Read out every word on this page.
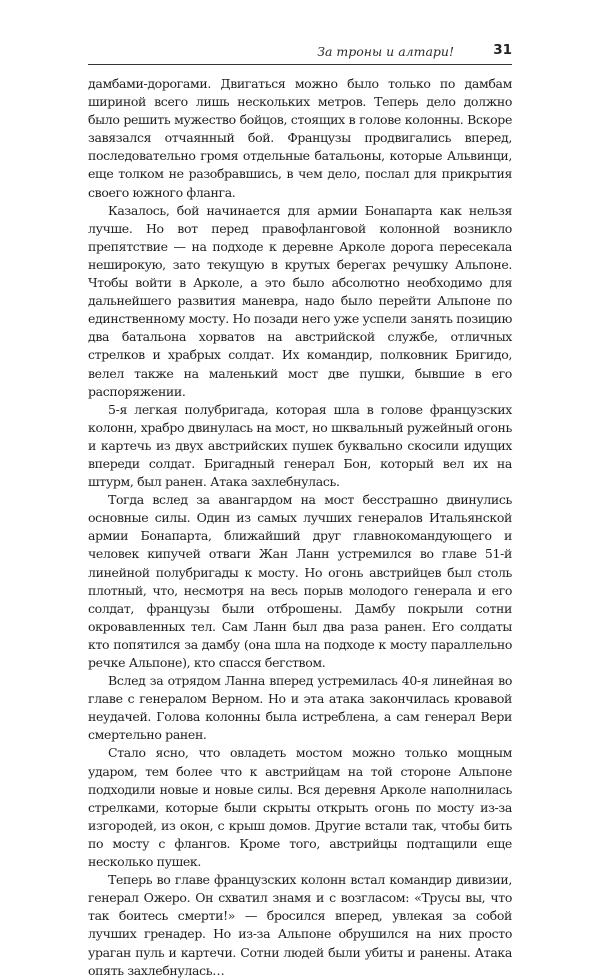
За троны и алтари!	31

дамбами-дорогами. Двигаться можно было только по дамбам шириной всего лишь нескольких метров. Теперь дело должно было решить мужество бойцов, стоящих в голове колонны. Вскоре завязался отчаянный бой. Французы продвигались вперед, последовательно громя отдельные батальоны, которые Альвинци, еще толком не разобравшись, в чем дело, послал для прикрытия своего южного фланга.

Казалось, бой начинается для армии Бонапарта как нельзя лучше. Но вот перед правофланговой колонной возникло препятствие — на подходе к деревне Арколе дорога пересекала неширокую, зато текущую в крутых берегах речушку Альпоне. Чтобы войти в Арколе, а это было абсолютно необходимо для дальнейшего развития маневра, надо было перейти Альпоне по единственному мосту. Но позади него уже успели занять позицию два батальона хорватов на австрийской службе, отличных стрелков и храбрых солдат. Их командир, полковник Бригидо, велел также на маленький мост две пушки, бывшие в его распоряжении.

5-я легкая полубригада, которая шла в голове французских колонн, храбро двинулась на мост, но шквальный ружейный огонь и картечь из двух австрийских пушек буквально скосили идущих впереди солдат. Бригадный генерал Бон, который вел их на штурм, был ранен. Атака захлебнулась.

Тогда вслед за авангардом на мост бесстрашно двинулись основные силы. Один из самых лучших генералов Итальянской армии Бонапарта, ближайший друг главнокомандующего и человек кипучей отваги Жан Ланн устремился во главе 51-й линейной полубригады к мосту. Но огонь австрийцев был столь плотный, что, несмотря на весь порыв молодого генерала и его солдат, французы были отброшены. Дамбу покрыли сотни окровавленных тел. Сам Ланн был два раза ранен. Его солдаты кто попятился за дамбу (она шла на подходе к мосту параллельно речке Альпоне), кто спасся бегством.

Вслед за отрядом Ланна вперед устремилась 40-я линейная во главе с генералом Верном. Но и эта атака закончилась кровавой неудачей. Голова колонны была истреблена, а сам генерал Вери смертельно ранен.

Стало ясно, что овладеть мостом можно только мощным ударом, тем более что к австрийцам на той стороне Альпоне подходили новые и новые силы. Вся деревня Арколе наполнилась стрелками, которые были скрыты открыть огонь по мосту из-за изгородей, из окон, с крыш домов. Другие встали так, чтобы бить по мосту с флангов. Кроме того, австрийцы подтащили еще несколько пушек.

Теперь во главе французских колонн встал командир дивизии, генерал Ожеро. Он схватил знамя и с возгласом: «Трусы вы, что так боитесь смерти!» — бросился вперед, увлекая за собой лучших гренадер. Но из-за Альпоне обрушился на них просто ураган пуль и картечи. Сотни людей были убиты и ранены. Атака опять захлебнулась…
